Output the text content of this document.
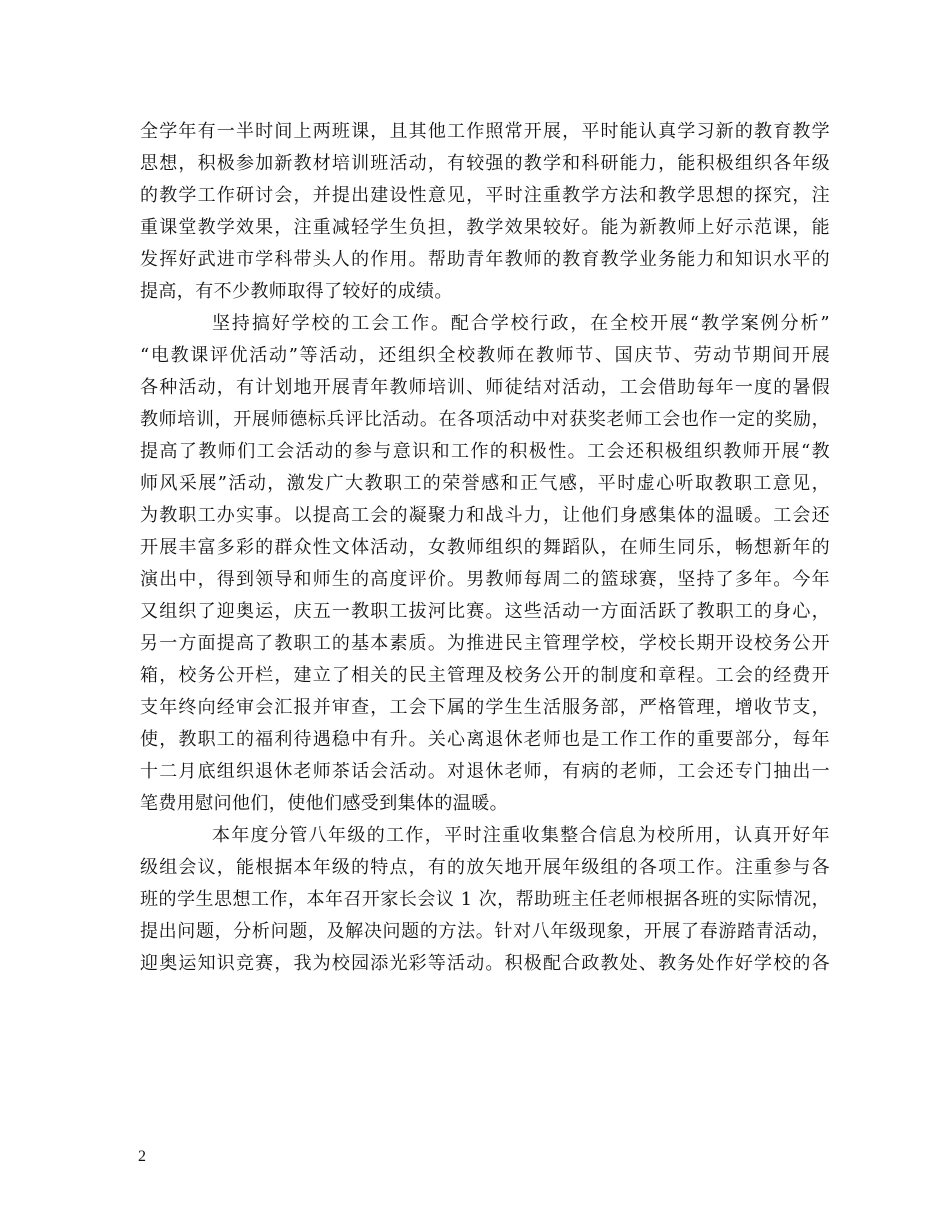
全学年有一半时间上两班课，且其他工作照常开展，平时能认真学习新的教育教学
思想，积极参加新教材培训班活动，有较强的教学和科研能力，能积极组织各年级
的教学工作研讨会，并提出建设性意见，平时注重教学方法和教学思想的探究，注
重课堂教学效果，注重减轻学生负担，教学效果较好。能为新教师上好示范课，能
发挥好武进市学科带头人的作用。帮助青年教师的教育教学业务能力和知识水平的
提高，有不少教师取得了较好的成绩。
坚持搞好学校的工会工作。配合学校行政，在全校开展“教学案例分析”
“电教课评优活动”等活动，还组织全校教师在教师节、国庆节、劳动节期间开展
各种活动，有计划地开展青年教师培训、师徒结对活动，工会借助每年一度的暑假
教师培训，开展师德标兵评比活动。在各项活动中对获奖老师工会也作一定的奖励，
提高了教师们工会活动的参与意识和工作的积极性。工会还积极组织教师开展“教
师风采展”活动，激发广大教职工的荣誉感和正气感，平时虚心听取教职工意见，
为教职工办实事。以提高工会的凝聚力和战斗力，让他们身感集体的温暖。工会还
开展丰富多彩的群众性文体活动，女教师组织的舞蹈队，在师生同乐，畅想新年的
演出中，得到领导和师生的高度评价。男教师每周二的篮球赛，坚持了多年。今年
又组织了迎奥运，庆五一教职工拔河比赛。这些活动一方面活跃了教职工的身心，
另一方面提高了教职工的基本素质。为推进民主管理学校，学校长期开设校务公开
箱，校务公开栏，建立了相关的民主管理及校务公开的制度和章程。工会的经费开
支年终向经审会汇报并审查，工会下属的学生生活服务部，严格管理，增收节支，
使，教职工的福利待遇稳中有升。关心离退休老师也是工作工作的重要部分，每年
十二月底组织退休老师茶话会活动。对退休老师，有病的老师，工会还专门抽出一
笔费用慰问他们，使他们感受到集体的温暖。
本年度分管八年级的工作，平时注重收集整合信息为校所用，认真开好年
级组会议，能根据本年级的特点，有的放矢地开展年级组的各项工作。注重参与各
班的学生思想工作，本年召开家长会议 1 次，帮助班主任老师根据各班的实际情况，
提出问题，分析问题，及解决问题的方法。针对八年级现象，开展了春游踏青活动，
迎奥运知识竞赛，我为校园添光彩等活动。积极配合政教处、教务处作好学校的各
2
